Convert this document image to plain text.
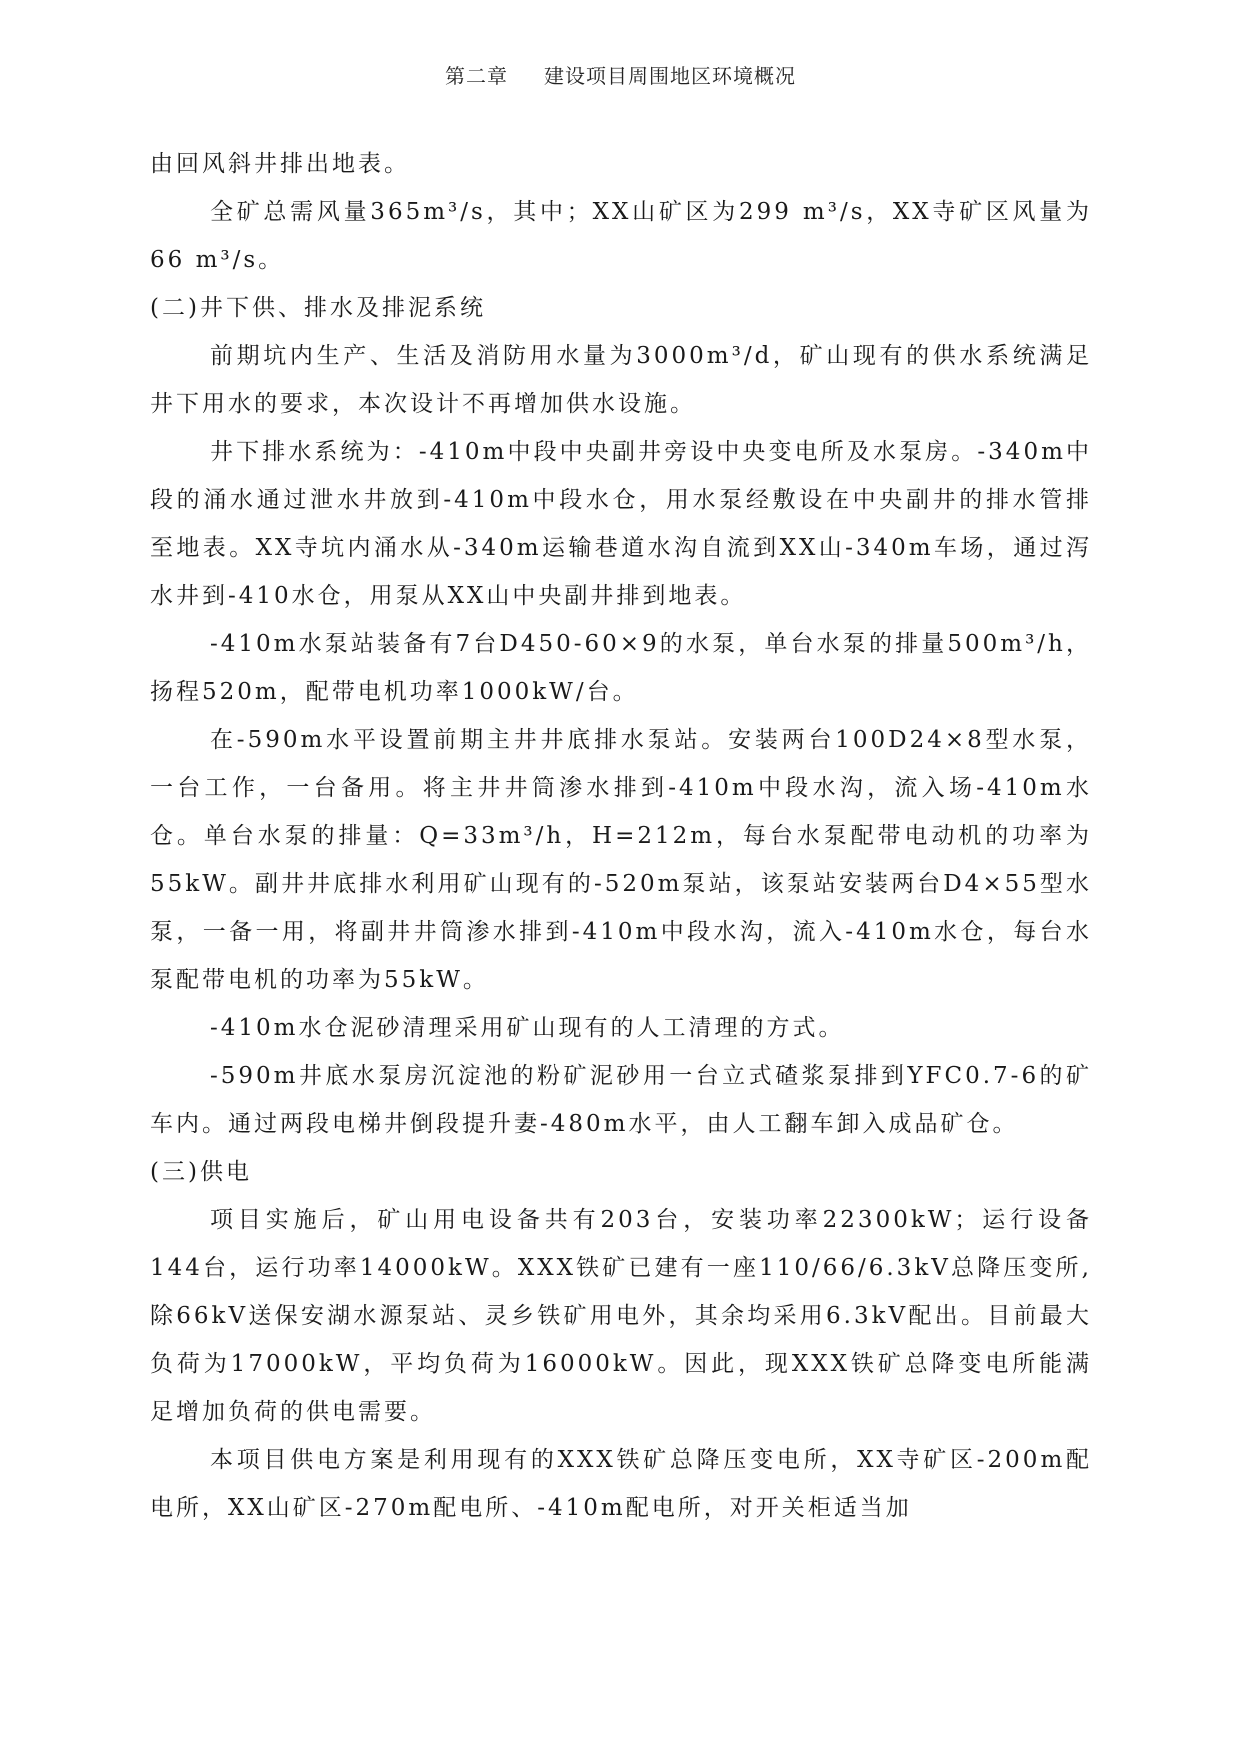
第二章 建设项目周围地区环境概况

由回风斜井排出地表。

全矿总需风量365m³/s，其中；XX山矿区为299 m³/s，XX寺矿区风量为66 m³/s。

(二)井下供、排水及排泥系统

前期坑内生产、生活及消防用水量为3000m³/d，矿山现有的供水系统满足井下用水的要求，本次设计不再增加供水设施。

井下排水系统为：-410m中段中央副井旁设中央变电所及水泵房。-340m中段的涌水通过泄水井放到-410m中段水仓，用水泵经敷设在中央副井的排水管排至地表。XX寺坑内涌水从-340m运输巷道水沟自流到XX山-340m车场，通过泻水井到-410水仓，用泵从XX山中央副井排到地表。

-410m水泵站装备有7台D450-60×9的水泵，单台水泵的排量500m³/h，扬程520m，配带电机功率1000kW/台。

在-590m水平设置前期主井井底排水泵站。安装两台100D24×8型水泵，一台工作，一台备用。将主井井筒渗水排到-410m中段水沟，流入场-410m水仓。单台水泵的排量：Q=33m³/h，H=212m，每台水泵配带电动机的功率为55kW。副井井底排水利用矿山现有的-520m泵站，该泵站安装两台D4×55型水泵，一备一用，将副井井筒渗水排到-410m中段水沟，流入-410m水仓，每台水泵配带电机的功率为55kW。

-410m水仓泥砂清理采用矿山现有的人工清理的方式。

-590m井底水泵房沉淀池的粉矿泥砂用一台立式碴浆泵排到YFC0.7-6的矿车内。通过两段电梯井倒段提升妻-480m水平，由人工翻车卸入成品矿仓。

(三)供电

项目实施后，矿山用电设备共有203台，安装功率22300kW；运行设备144台，运行功率14000kW。XXX铁矿已建有一座110/66/6.3kV总降压变所,除66kV送保安湖水源泵站、灵乡铁矿用电外，其余均采用6.3kV配出。目前最大负荷为17000kW，平均负荷为16000kW。因此，现XXX铁矿总降变电所能满足增加负荷的供电需要。

本项目供电方案是利用现有的XXX铁矿总降压变电所，XX寺矿区-200m配电所，XX山矿区-270m配电所、-410m配电所，对开关柜适当加
